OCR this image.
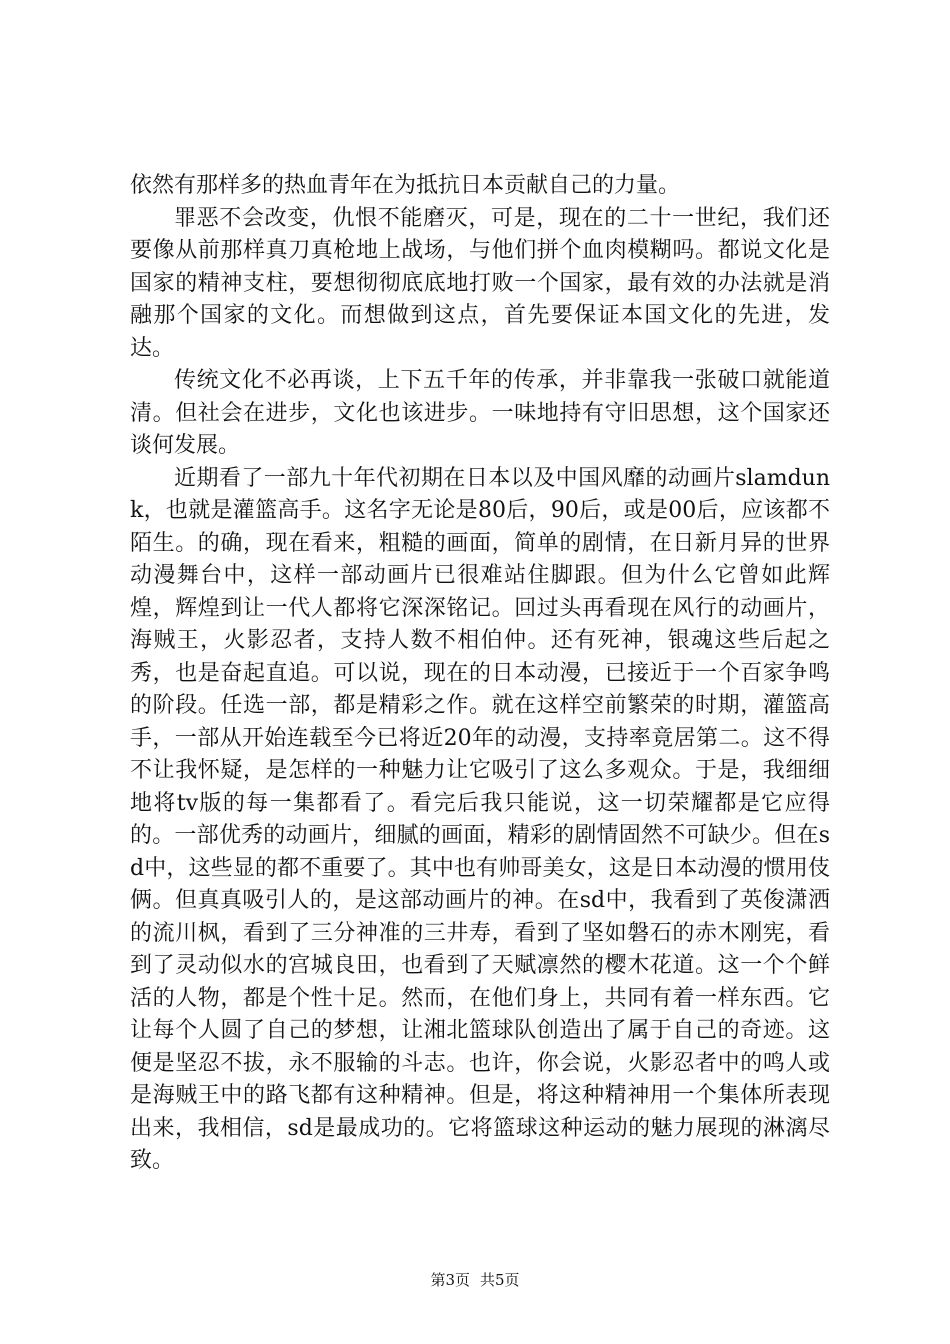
依然有那样多的热血青年在为抵抗日本贡献自己的力量。

罪恶不会改变，仇恨不能磨灭，可是，现在的二十一世纪，我们还要像从前那样真刀真枪地上战场，与他们拼个血肉模糊吗。都说文化是国家的精神支柱，要想彻彻底底地打败一个国家，最有效的办法就是消融那个国家的文化。而想做到这点，首先要保证本国文化的先进，发达。

传统文化不必再谈，上下五千年的传承，并非靠我一张破口就能道清。但社会在进步，文化也该进步。一味地持有守旧思想，这个国家还谈何发展。

近期看了一部九十年代初期在日本以及中国风靡的动画片slamdunk，也就是灌篮高手。这名字无论是80后，90后，或是00后，应该都不陌生。的确，现在看来，粗糙的画面，简单的剧情，在日新月异的世界动漫舞台中，这样一部动画片已很难站住脚跟。但为什么它曾如此辉煌，辉煌到让一代人都将它深深铭记。回过头再看现在风行的动画片，海贼王，火影忍者，支持人数不相伯仲。还有死神，银魂这些后起之秀，也是奋起直追。可以说，现在的日本动漫，已接近于一个百家争鸣的阶段。任选一部，都是精彩之作。就在这样空前繁荣的时期，灌篮高手，一部从开始连载至今已将近20年的动漫，支持率竟居第二。这不得不让我怀疑，是怎样的一种魅力让它吸引了这么多观众。于是，我细细地将tv版的每一集都看了。看完后我只能说，这一切荣耀都是它应得的。一部优秀的动画片，细腻的画面，精彩的剧情固然不可缺少。但在sd中，这些显的都不重要了。其中也有帅哥美女，这是日本动漫的惯用伎俩。但真真吸引人的，是这部动画片的神。在sd中，我看到了英俊潇洒的流川枫，看到了三分神准的三井寿，看到了坚如磐石的赤木刚宪，看到了灵动似水的宫城良田，也看到了天赋凛然的樱木花道。这一个个鲜活的人物，都是个性十足。然而，在他们身上，共同有着一样东西。它让每个人圆了自己的梦想，让湘北篮球队创造出了属于自己的奇迹。这便是坚忍不拔，永不服输的斗志。也许，你会说，火影忍者中的鸣人或是海贼王中的路飞都有这种精神。但是，将这种精神用一个集体所表现出来，我相信，sd是最成功的。它将篮球这种运动的魅力展现的淋漓尽致。

第3页 共5页
